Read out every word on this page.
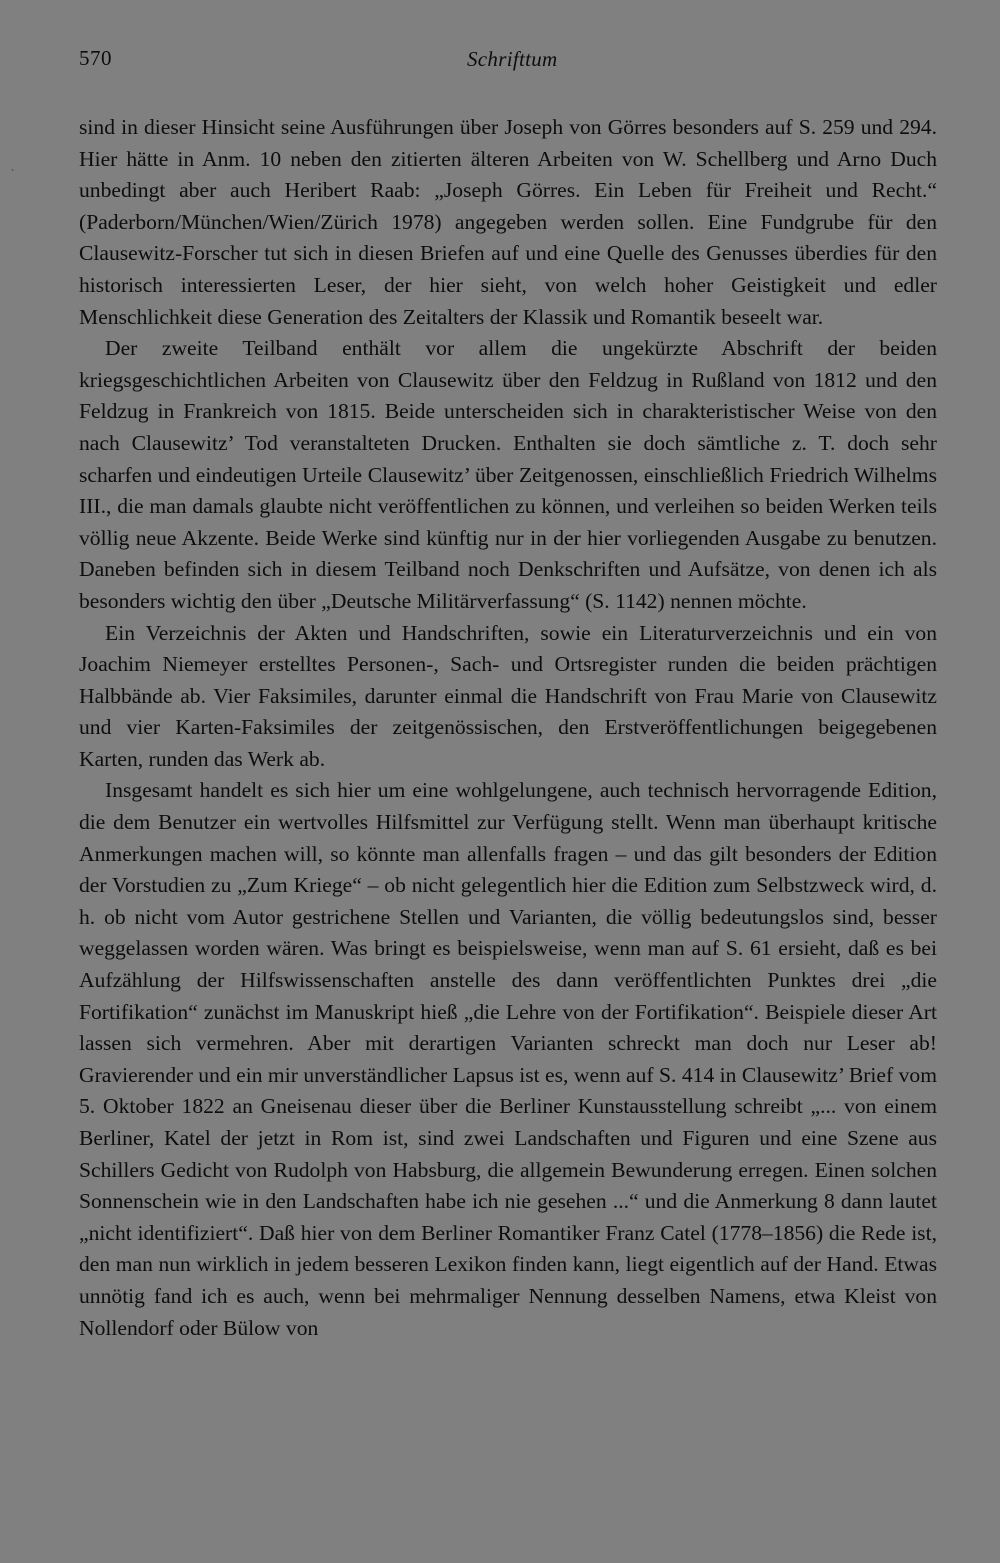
570	Schrifttum
`

sind in dieser Hinsicht seine Ausführungen über Joseph von Görres besonders auf S. 259 und 294. Hier hätte in Anm. 10 neben den zitierten älteren Arbeiten von W. Schellberg und Arno Duch unbedingt aber auch Heribert Raab: „Joseph Görres. Ein Leben für Freiheit und Recht.“ (Paderborn/München/Wien/Zürich 1978) angegeben werden sollen. Eine Fundgrube für den Clausewitz-Forscher tut sich in diesen Briefen auf und eine Quelle des Genusses überdies für den historisch interessierten Leser, der hier sieht, von welch hoher Geistigkeit und edler Menschlichkeit diese Generation des Zeitalters der Klassik und Romantik beseelt war.

Der zweite Teilband enthält vor allem die ungekürzte Abschrift der beiden kriegsgeschichtlichen Arbeiten von Clausewitz über den Feldzug in Rußland von 1812 und den Feldzug in Frankreich von 1815. Beide unterscheiden sich in charakteristischer Weise von den nach Clausewitz’ Tod veranstalteten Drucken. Enthalten sie doch sämtliche z. T. doch sehr scharfen und eindeutigen Urteile Clausewitz’ über Zeitgenossen, einschließlich Friedrich Wilhelms III., die man damals glaubte nicht veröffentlichen zu können, und verleihen so beiden Werken teils völlig neue Akzente. Beide Werke sind künftig nur in der hier vorliegenden Ausgabe zu benutzen. Daneben befinden sich in diesem Teilband noch Denkschriften und Aufsätze, von denen ich als besonders wichtig den über „Deutsche Militärverfassung“ (S. 1142) nennen möchte.

Ein Verzeichnis der Akten und Handschriften, sowie ein Literaturverzeichnis und ein von Joachim Niemeyer erstelltes Personen-, Sach- und Ortsregister runden die beiden prächtigen Halbbände ab. Vier Faksimiles, darunter einmal die Handschrift von Frau Marie von Clausewitz und vier Karten-Faksimiles der zeitgenössischen, den Erstveröffentlichungen beigegebenen Karten, runden das Werk ab.

Insgesamt handelt es sich hier um eine wohlgelungene, auch technisch hervorragende Edition, die dem Benutzer ein wertvolles Hilfsmittel zur Verfügung stellt. Wenn man überhaupt kritische Anmerkungen machen will, so könnte man allenfalls fragen – und das gilt besonders der Edition der Vorstudien zu „Zum Kriege“ – ob nicht gelegentlich hier die Edition zum Selbstzweck wird, d. h. ob nicht vom Autor gestrichene Stellen und Varianten, die völlig bedeutungslos sind, besser weggelassen worden wären. Was bringt es beispielsweise, wenn man auf S. 61 ersieht, daß es bei Aufzählung der Hilfswissenschaften anstelle des dann veröffentlichten Punktes drei „die Fortifikation“ zunächst im Manuskript hieß „die Lehre von der Fortifikation“. Beispiele dieser Art lassen sich vermehren. Aber mit derartigen Varianten schreckt man doch nur Leser ab! Gravierender und ein mir unverständlicher Lapsus ist es, wenn auf S. 414 in Clausewitz’ Brief vom 5. Oktober 1822 an Gneisenau dieser über die Berliner Kunstausstellung schreibt „... von einem Berliner, Katel der jetzt in Rom ist, sind zwei Landschaften und Figuren und eine Szene aus Schillers Gedicht von Rudolph von Habsburg, die allgemein Bewunderung erregen. Einen solchen Sonnenschein wie in den Landschaften habe ich nie gesehen ...“ und die Anmerkung 8 dann lautet „nicht identifiziert“. Daß hier von dem Berliner Romantiker Franz Catel (1778–1856) die Rede ist, den man nun wirklich in jedem besseren Lexikon finden kann, liegt eigentlich auf der Hand. Etwas unnötig fand ich es auch, wenn bei mehrmaliger Nennung desselben Namens, etwa Kleist von Nollendorf oder Bülow von
